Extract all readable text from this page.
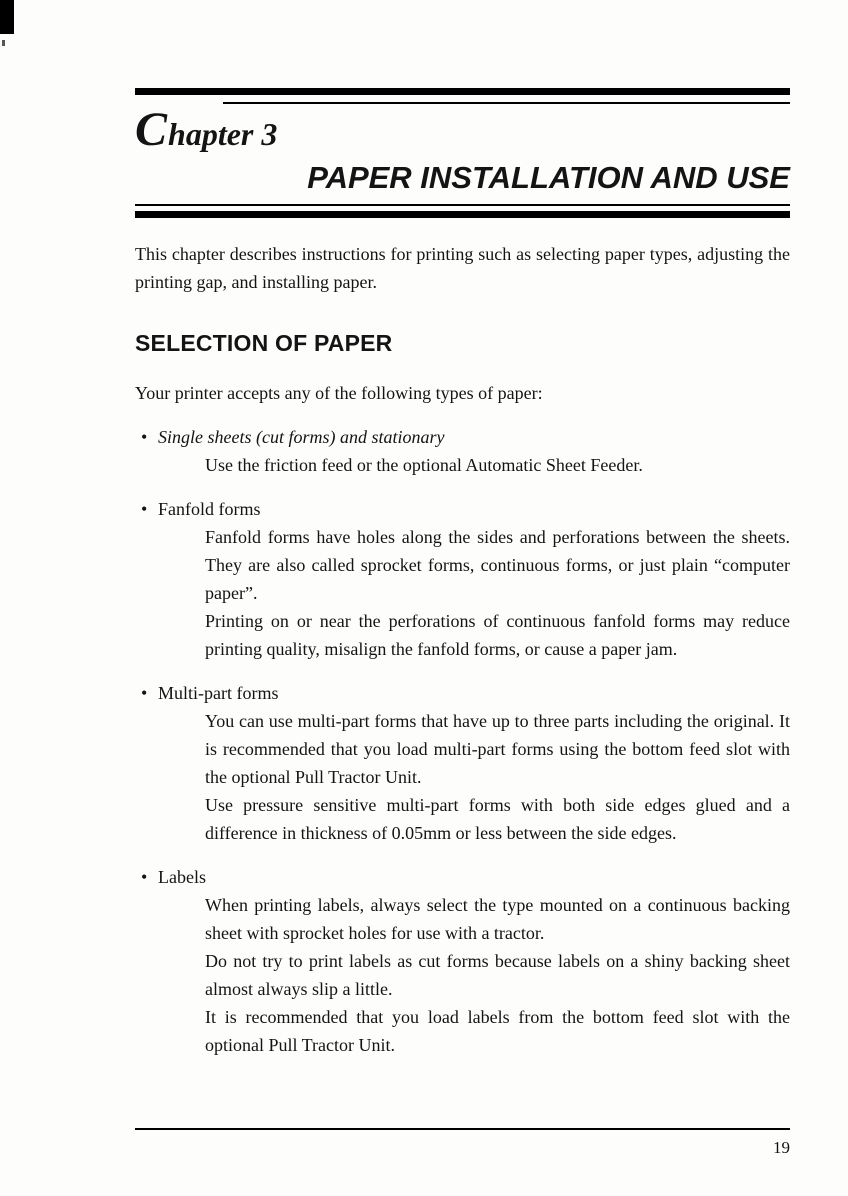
Chapter 3
PAPER INSTALLATION AND USE

This chapter describes instructions for printing such as selecting paper types, adjusting the printing gap, and installing paper.

SELECTION OF PAPER

Your printer accepts any of the following types of paper:

• Single sheets (cut forms) and stationary

Use the friction feed or the optional Automatic Sheet Feeder.

• Fanfold forms

Fanfold forms have holes along the sides and perforations between the sheets. They are also called sprocket forms, continuous forms, or just plain “computer paper”.

Printing on or near the perforations of continuous fanfold forms may reduce printing quality, misalign the fanfold forms, or cause a paper jam.

• Multi-part forms

You can use multi-part forms that have up to three parts including the original. It is recommended that you load multi-part forms using the bottom feed slot with the optional Pull Tractor Unit.

Use pressure sensitive multi-part forms with both side edges glued and a difference in thickness of 0.05mm or less between the side edges.

• Labels

When printing labels, always select the type mounted on a continuous backing sheet with sprocket holes for use with a tractor.

Do not try to print labels as cut forms because labels on a shiny backing sheet almost always slip a little.

It is recommended that you load labels from the bottom feed slot with the optional Pull Tractor Unit.

19
